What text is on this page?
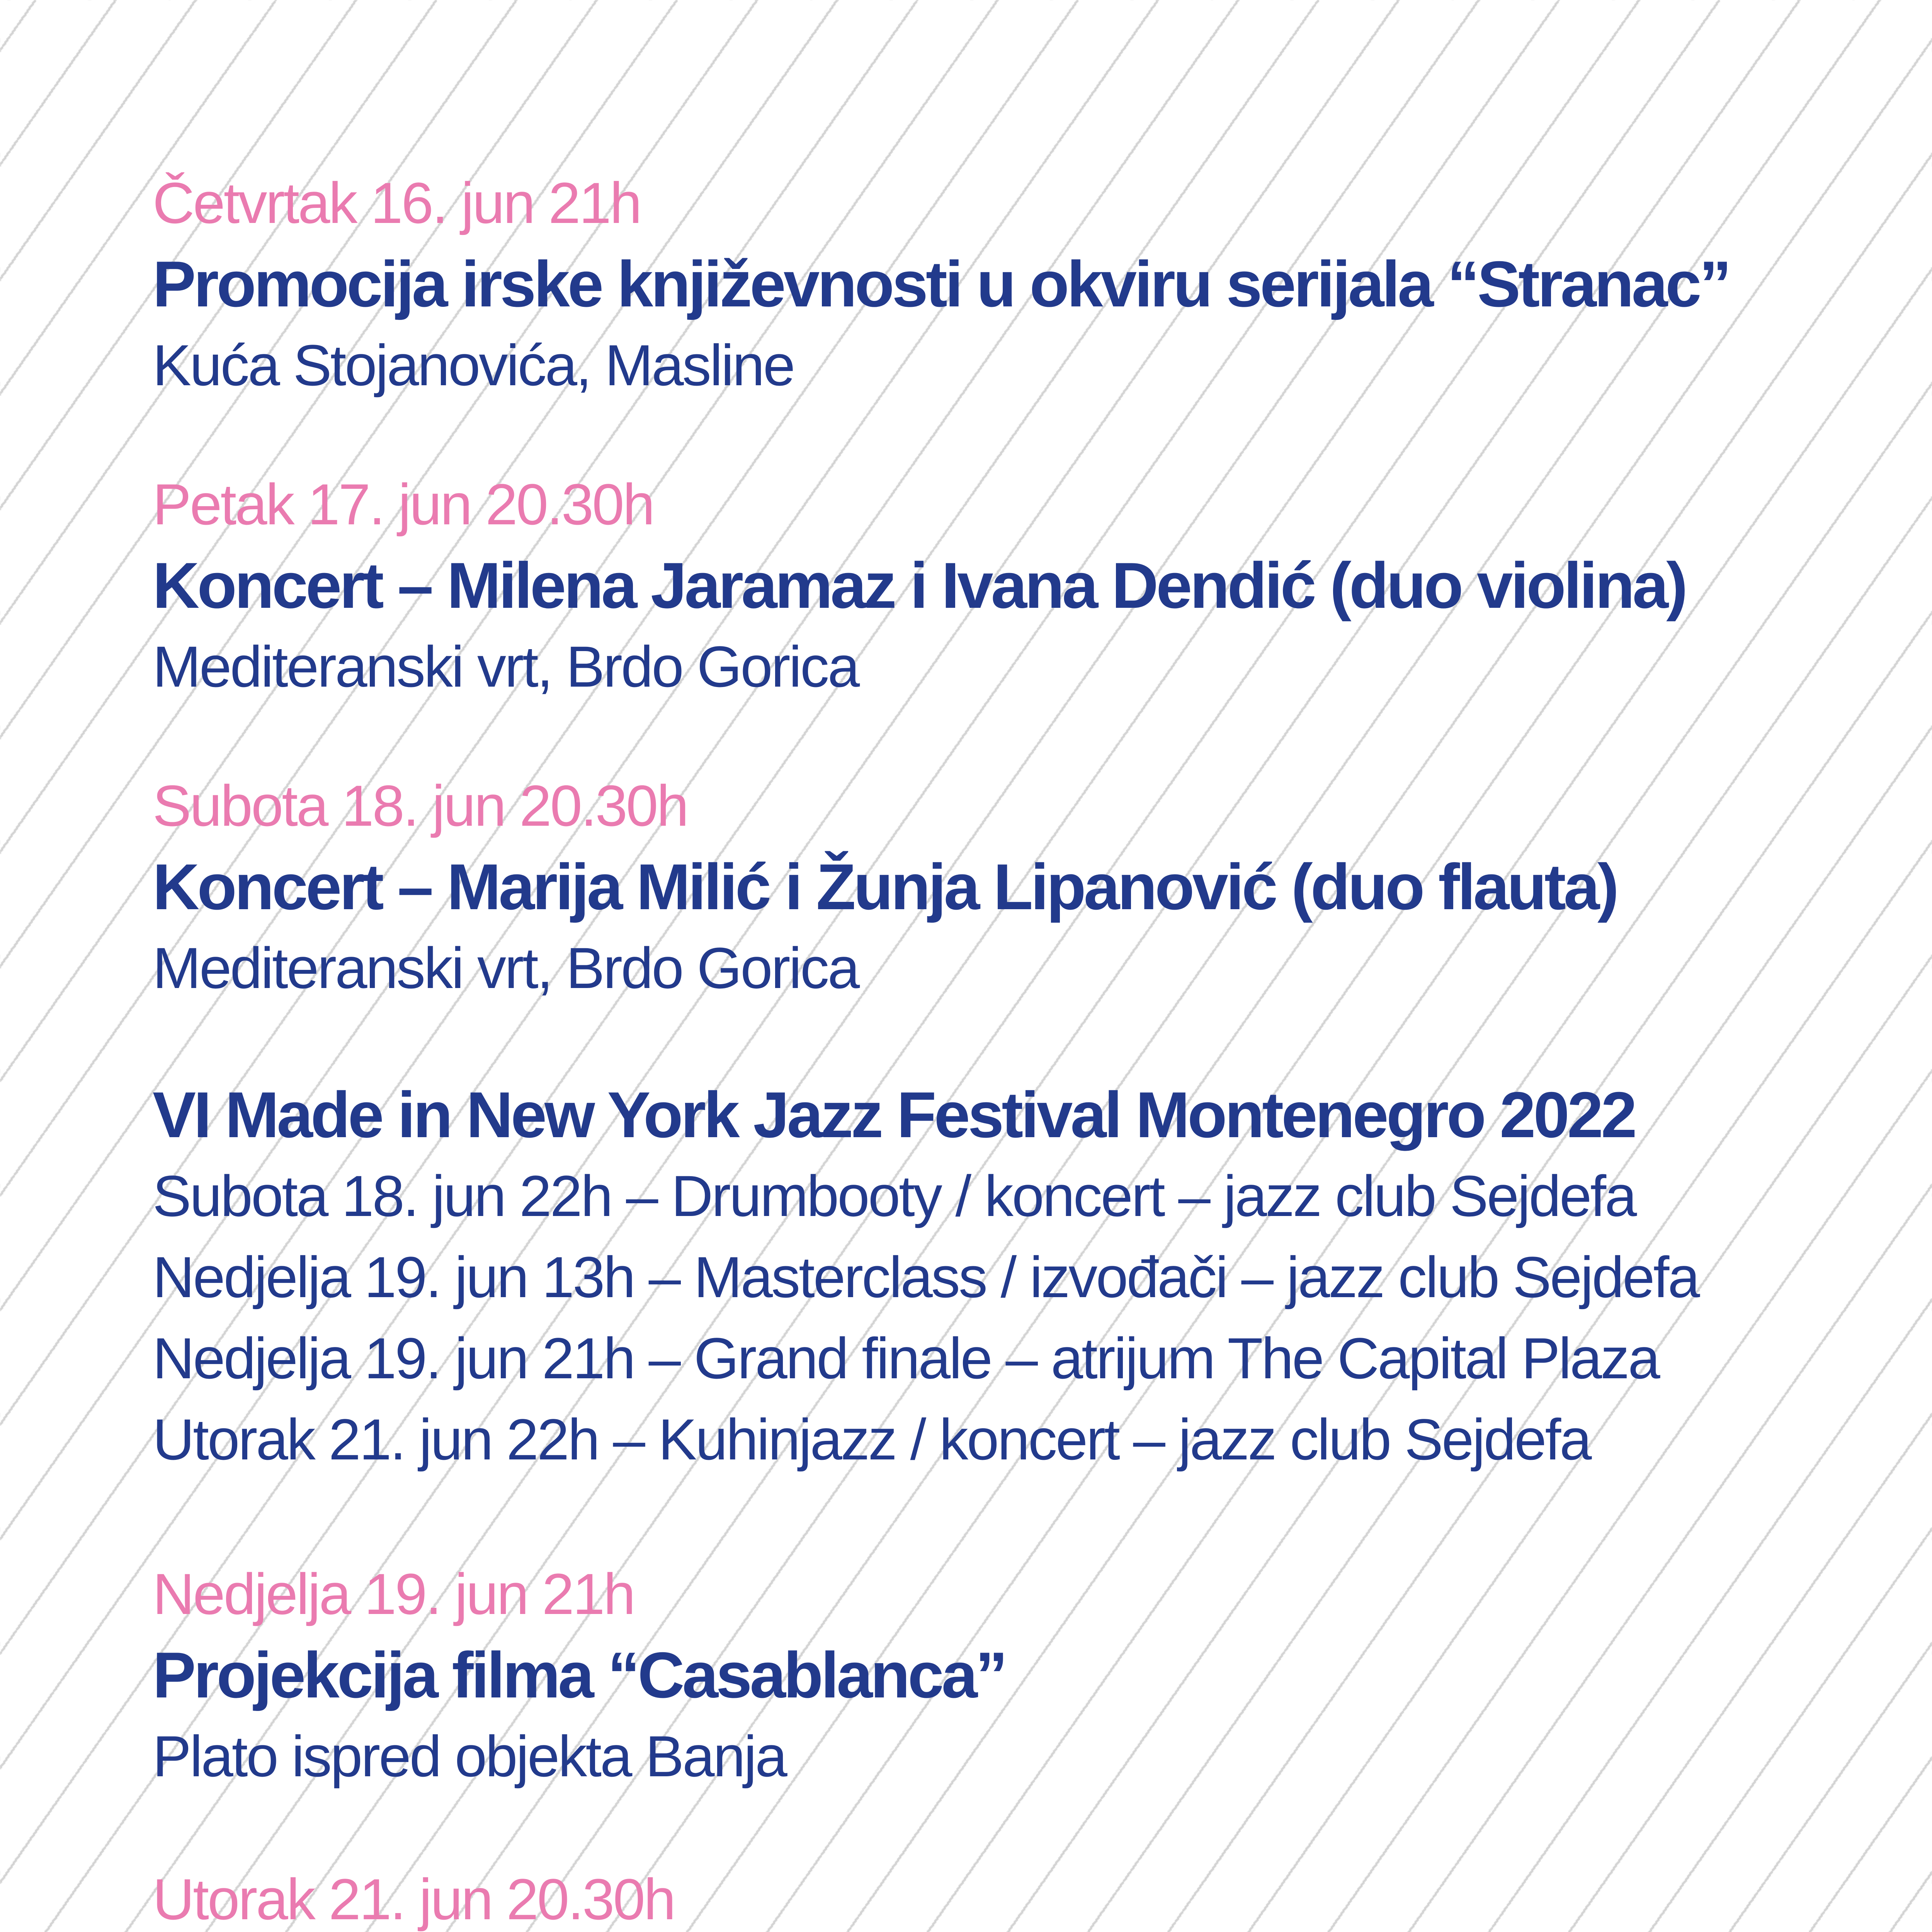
Četvrtak 16. jun 21h
Promocija irske književnosti u okviru serijala “Stranac”
Kuća Stojanovića, Masline
Petak 17. jun 20.30h
Koncert – Milena Jaramaz i Ivana Dendić (duo violina)
Mediteranski vrt, Brdo Gorica
Subota 18. jun 20.30h
Koncert – Marija Milić i Žunja Lipanović (duo flauta)
Mediteranski vrt, Brdo Gorica
VI Made in New York Jazz Festival Montenegro 2022
Subota 18. jun 22h – Drumbooty / koncert – jazz club Sejdefa
Nedjelja 19. jun 13h – Masterclass / izvođači – jazz club Sejdefa
Nedjelja 19. jun 21h – Grand finale – atrijum The Capital Plaza
Utorak 21. jun 22h – Kuhinjazz / koncert – jazz club Sejdefa
Nedjelja 19. jun 21h
Projekcija filma “Casablanca”
Plato ispred objekta Banja
Utorak 21. jun 20.30h
